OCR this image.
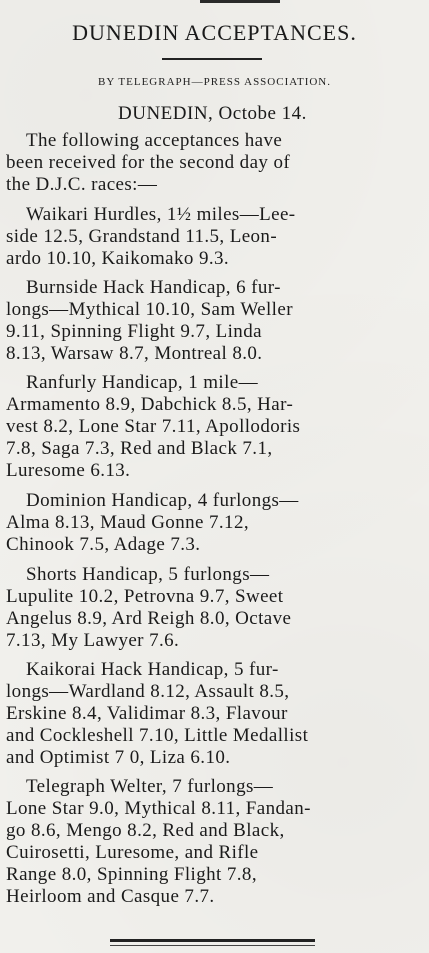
DUNEDIN ACCEPTANCES.
BY TELEGRAPH—PRESS ASSOCIATION.
DUNEDIN, Octobe 14.
The following acceptances have
been received for the second day of
the D.J.C. races:—
Waikari Hurdles, 1½ miles—Lee-
side 12.5, Grandstand 11.5, Leon-
ardo 10.10, Kaikomako 9.3.
Burnside Hack Handicap, 6 fur-
longs—Mythical 10.10, Sam Weller
9.11, Spinning Flight 9.7, Linda
8.13, Warsaw 8.7, Montreal 8.0.
Ranfurly Handicap, 1 mile—
Armamento 8.9, Dabchick 8.5, Har-
vest 8.2, Lone Star 7.11, Apollodoris
7.8, Saga 7.3, Red and Black 7.1,
Luresome 6.13.
Dominion Handicap, 4 furlongs—
Alma 8.13, Maud Gonne 7.12,
Chinook 7.5, Adage 7.3.
Shorts Handicap, 5 furlongs—
Lupulite 10.2, Petrovna 9.7, Sweet
Angelus 8.9, Ard Reigh 8.0, Octave
7.13, My Lawyer 7.6.
Kaikorai Hack Handicap, 5 fur-
longs—Wardland 8.12, Assault 8.5,
Erskine 8.4, Validimar 8.3, Flavour
and Cockleshell 7.10, Little Medallist
and Optimist 7 0, Liza 6.10.
Telegraph Welter, 7 furlongs—
Lone Star 9.0, Mythical 8.11, Fandan-
go 8.6, Mengo 8.2, Red and Black,
Cuirosetti, Luresome, and Rifle
Range 8.0, Spinning Flight 7.8,
Heirloom and Casque 7.7.
